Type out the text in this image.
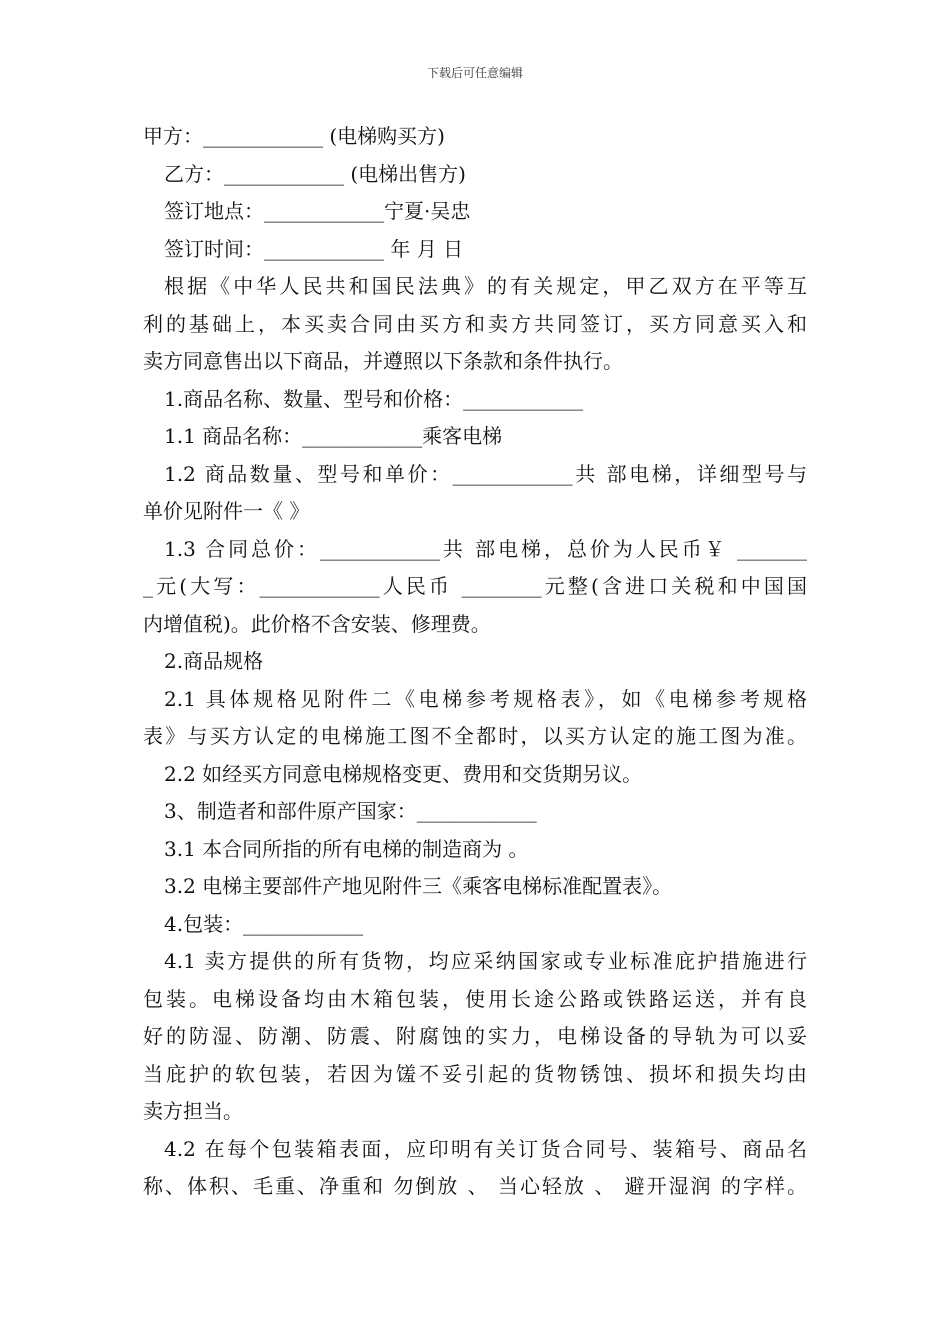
下载后可任意编辑
甲方：____________ (电梯购买方)
乙方：____________ (电梯出售方)
签订地点：____________宁夏·吴忠
签订时间：____________ 年 月 日
根据《中华人民共和国民法典》的有关规定，甲乙双方在平等互
利的基础上，本买卖合同由买方和卖方共同签订，买方同意买入和
卖方同意售出以下商品，并遵照以下条款和条件执行。
1.商品名称、数量、型号和价格：____________
1.1 商品名称：____________乘客电梯
1.2 商品数量、型号和单价：____________共 部电梯，详细型号与
单价见附件一《 》
1.3 合同总价：____________共 部电梯，总价为人民币￥ _______
_元(大写：____________人民币 ________元整(含进口关税和中国国
内增值税)。此价格不含安装、修理费。
2.商品规格
2.1 具体规格见附件二《电梯参考规格表》，如《电梯参考规格
表》与买方认定的电梯施工图不全都时，以买方认定的施工图为准。
2.2 如经买方同意电梯规格变更、费用和交货期另议。
3、制造者和部件原产国家：____________
3.1 本合同所指的所有电梯的制造商为 。
3.2 电梯主要部件产地见附件三《乘客电梯标准配置表》。
4.包装：____________
4.1 卖方提供的所有货物，均应采纳国家或专业标准庇护措施进行
包装。电梯设备均由木箱包装，使用长途公路或铁路运送，并有良
好的防湿、防潮、防震、附腐蚀的实力，电梯设备的导轨为可以妥
当庇护的软包装，若因为馐不妥引起的货物锈蚀、损坏和损失均由
卖方担当。
4.2 在每个包装箱表面，应印明有关订货合同号、装箱号、商品名
称、体积、毛重、净重和 勿倒放 、 当心轻放 、 避开湿润 的字样。
